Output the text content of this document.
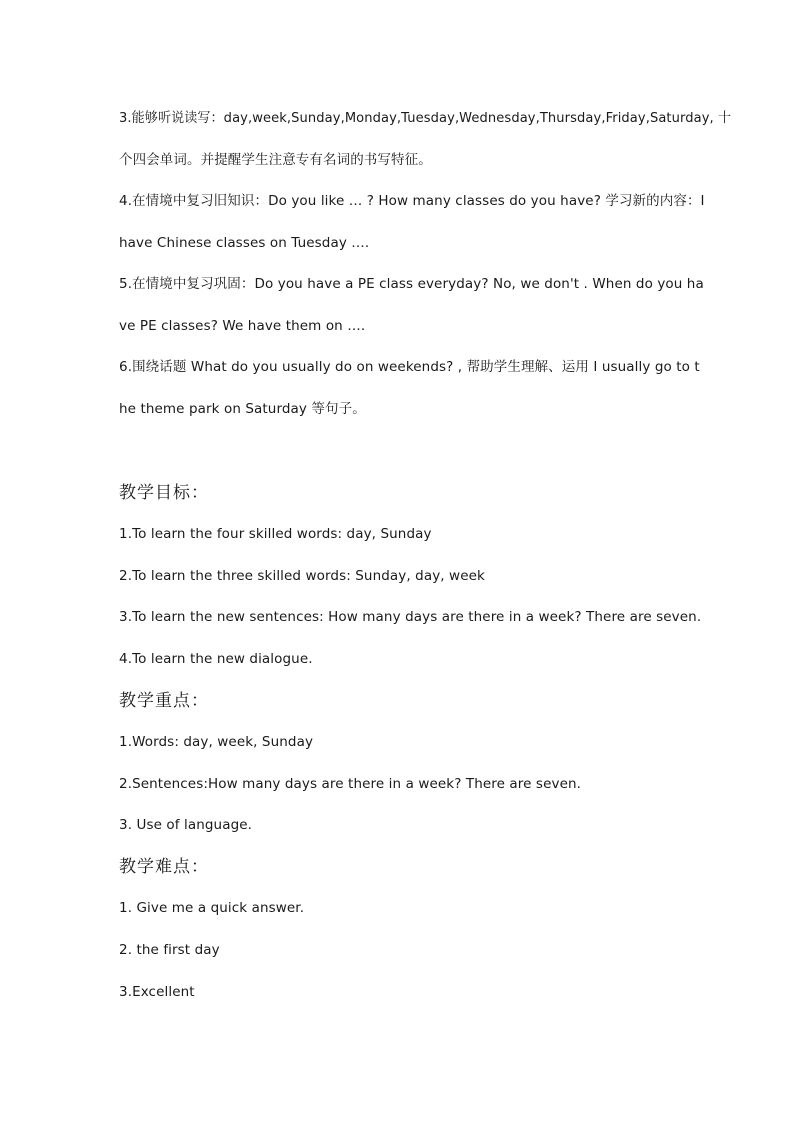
3.能够听说读写：day,week,Sunday,Monday,Tuesday,Wednesday,Thursday,Friday,Saturday, 十
个四会单词。并提醒学生注意专有名词的书写特征。
4.在情境中复习旧知识：Do you like … ? How many classes do you have? 学习新的内容：I
have Chinese classes on Tuesday ….
5.在情境中复习巩固：Do you have a PE class everyday? No, we don't . When do you ha
ve PE classes? We have them on ….
6.围绕话题 What do you usually do on weekends? , 帮助学生理解、运用 I usually go to t
he theme park on Saturday 等句子。
教学目标：
1.To learn the four skilled words: day, Sunday
2.To learn the three skilled words: Sunday, day, week
3.To learn the new sentences: How many days are there in a week? There are seven.
4.To learn the new dialogue.
教学重点：
1.Words: day, week, Sunday
2.Sentences:How many days are there in a week? There are seven.
3. Use of language.
教学难点：
1. Give me a quick answer.
2. the first day
3.Excellent
